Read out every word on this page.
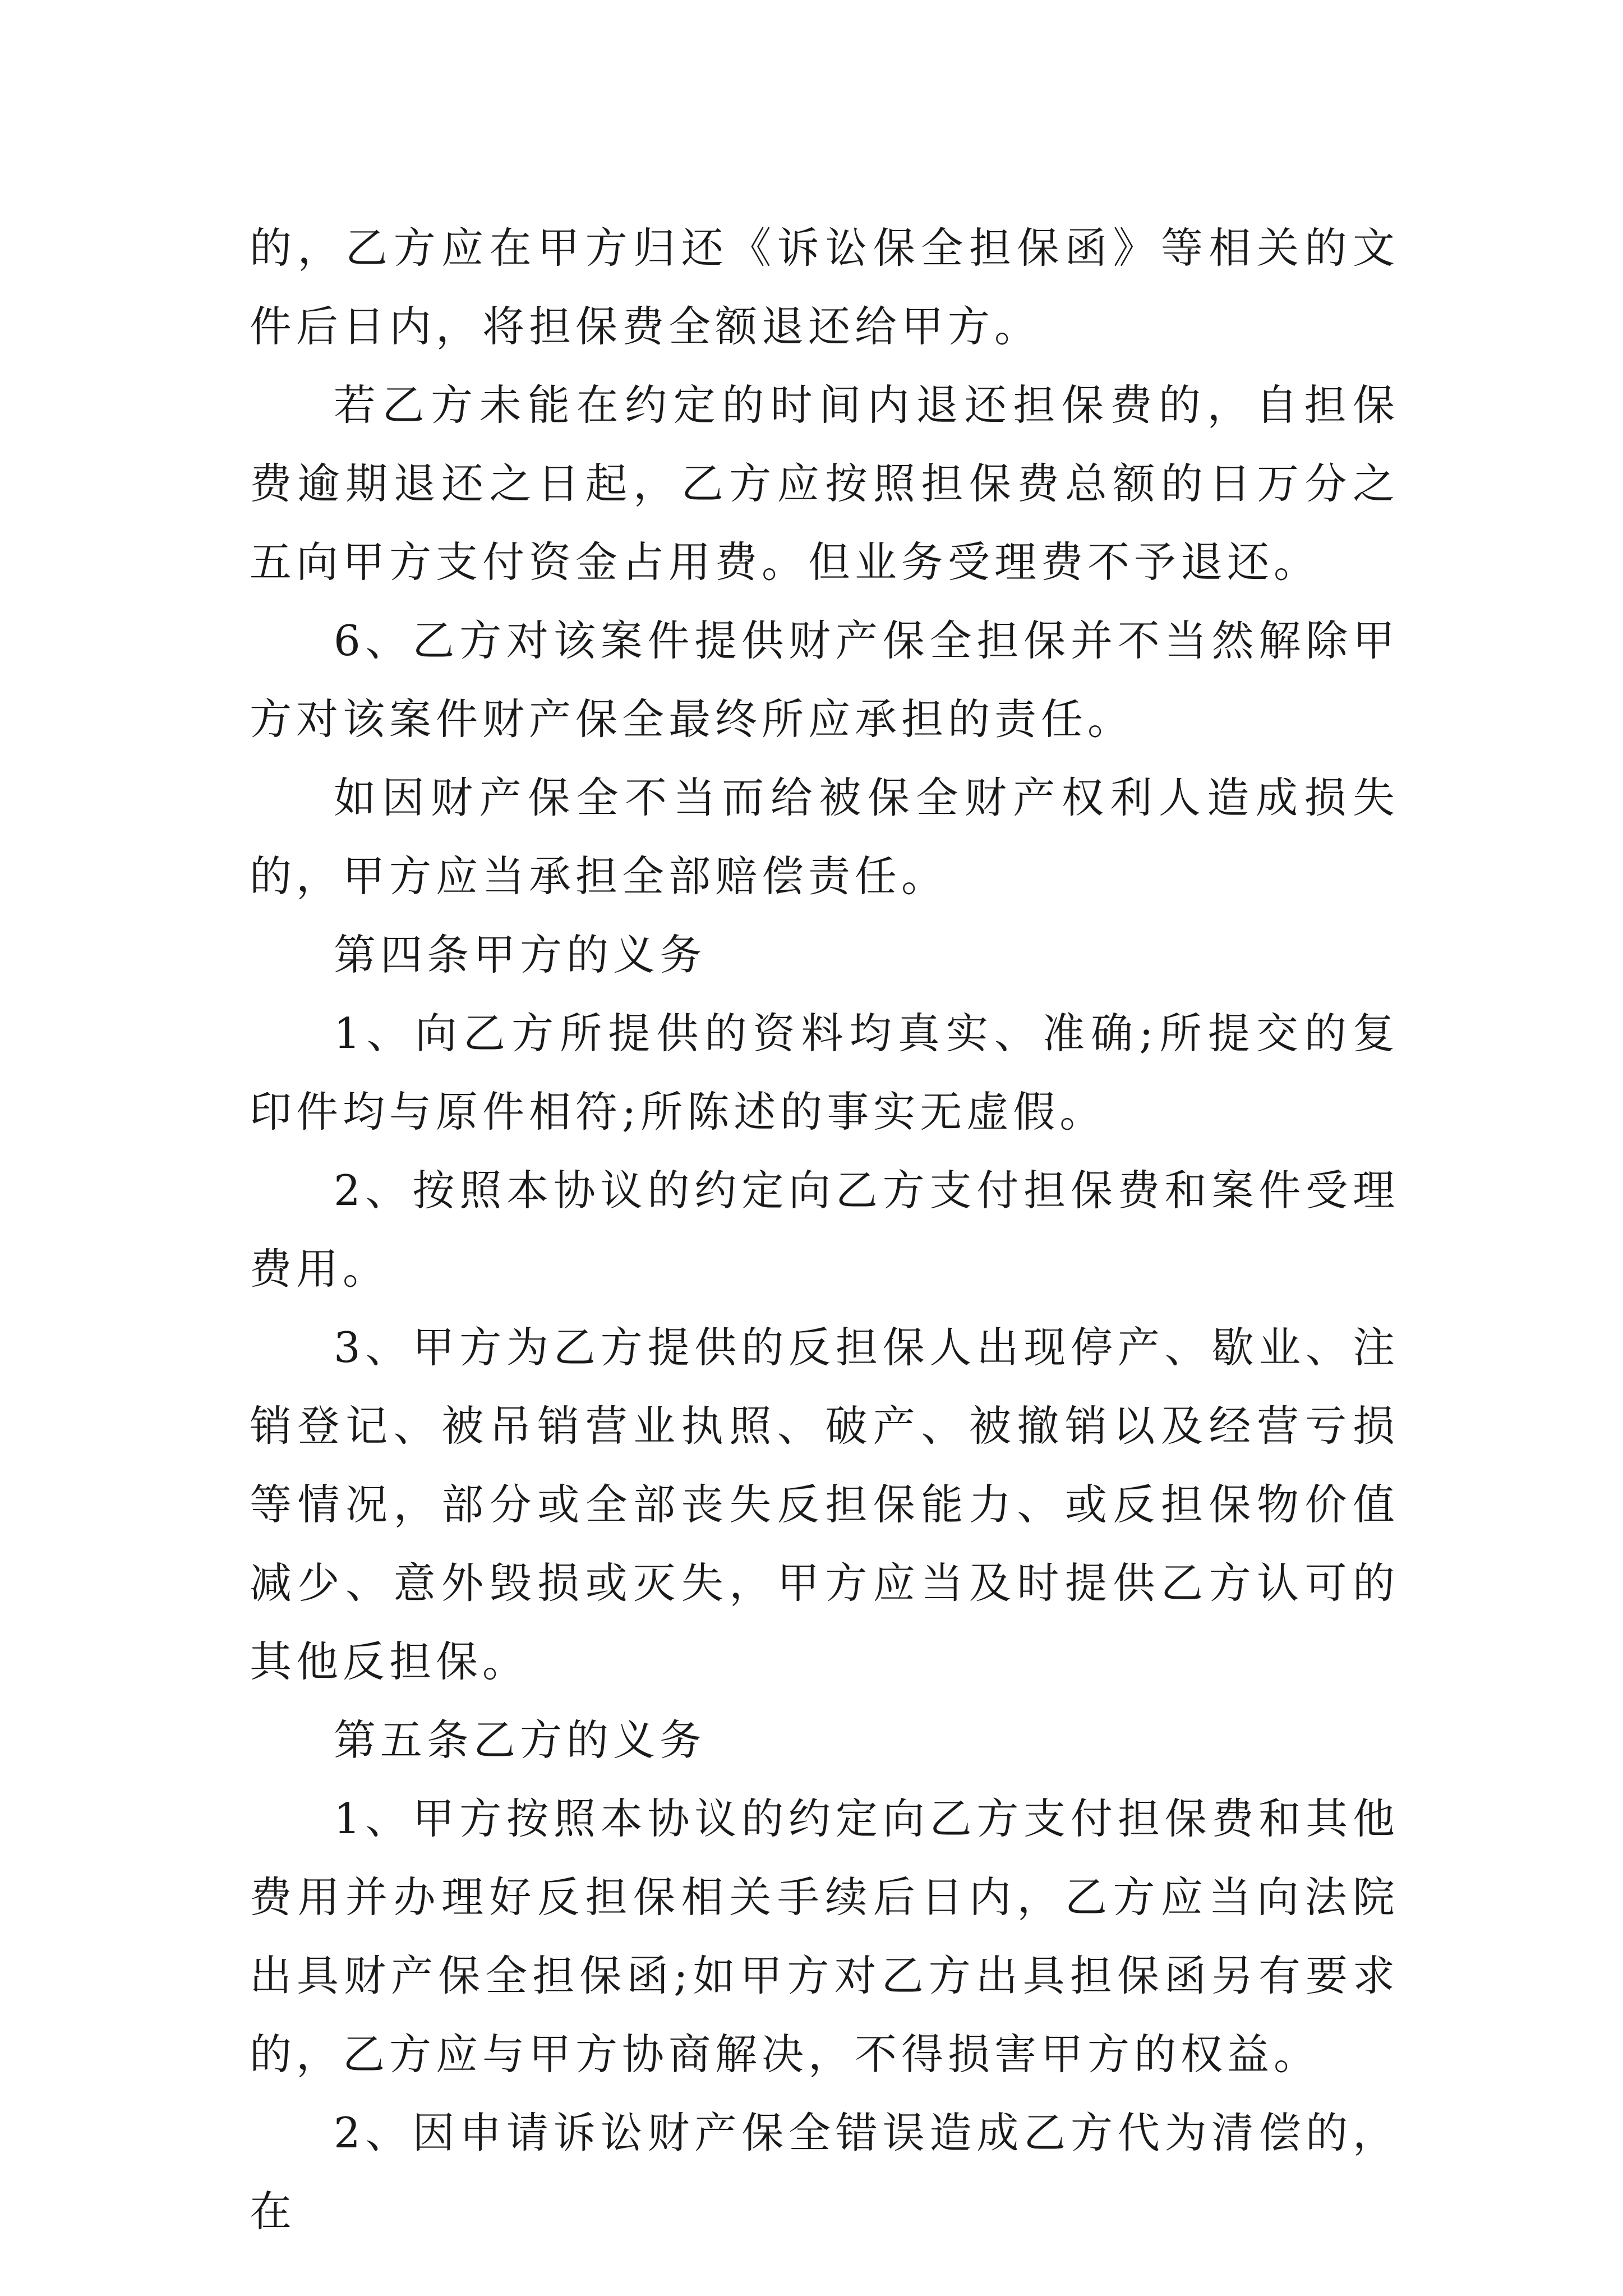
的，乙方应在甲方归还《诉讼保全担保函》等相关的文件后日内，将担保费全额退还给甲方。

若乙方未能在约定的时间内退还担保费的，自担保费逾期退还之日起，乙方应按照担保费总额的日万分之五向甲方支付资金占用费。但业务受理费不予退还。

6、乙方对该案件提供财产保全担保并不当然解除甲方对该案件财产保全最终所应承担的责任。

如因财产保全不当而给被保全财产权利人造成损失的，甲方应当承担全部赔偿责任。

第四条甲方的义务

1、向乙方所提供的资料均真实、准确;所提交的复印件均与原件相符;所陈述的事实无虚假。

2、按照本协议的约定向乙方支付担保费和案件受理费用。

3、甲方为乙方提供的反担保人出现停产、歇业、注销登记、被吊销营业执照、破产、被撤销以及经营亏损等情况，部分或全部丧失反担保能力、或反担保物价值减少、意外毁损或灭失，甲方应当及时提供乙方认可的其他反担保。

第五条乙方的义务

1、甲方按照本协议的约定向乙方支付担保费和其他费用并办理好反担保相关手续后日内，乙方应当向法院出具财产保全担保函;如甲方对乙方出具担保函另有要求的，乙方应与甲方协商解决，不得损害甲方的权益。

2、因申请诉讼财产保全错误造成乙方代为清偿的，在
